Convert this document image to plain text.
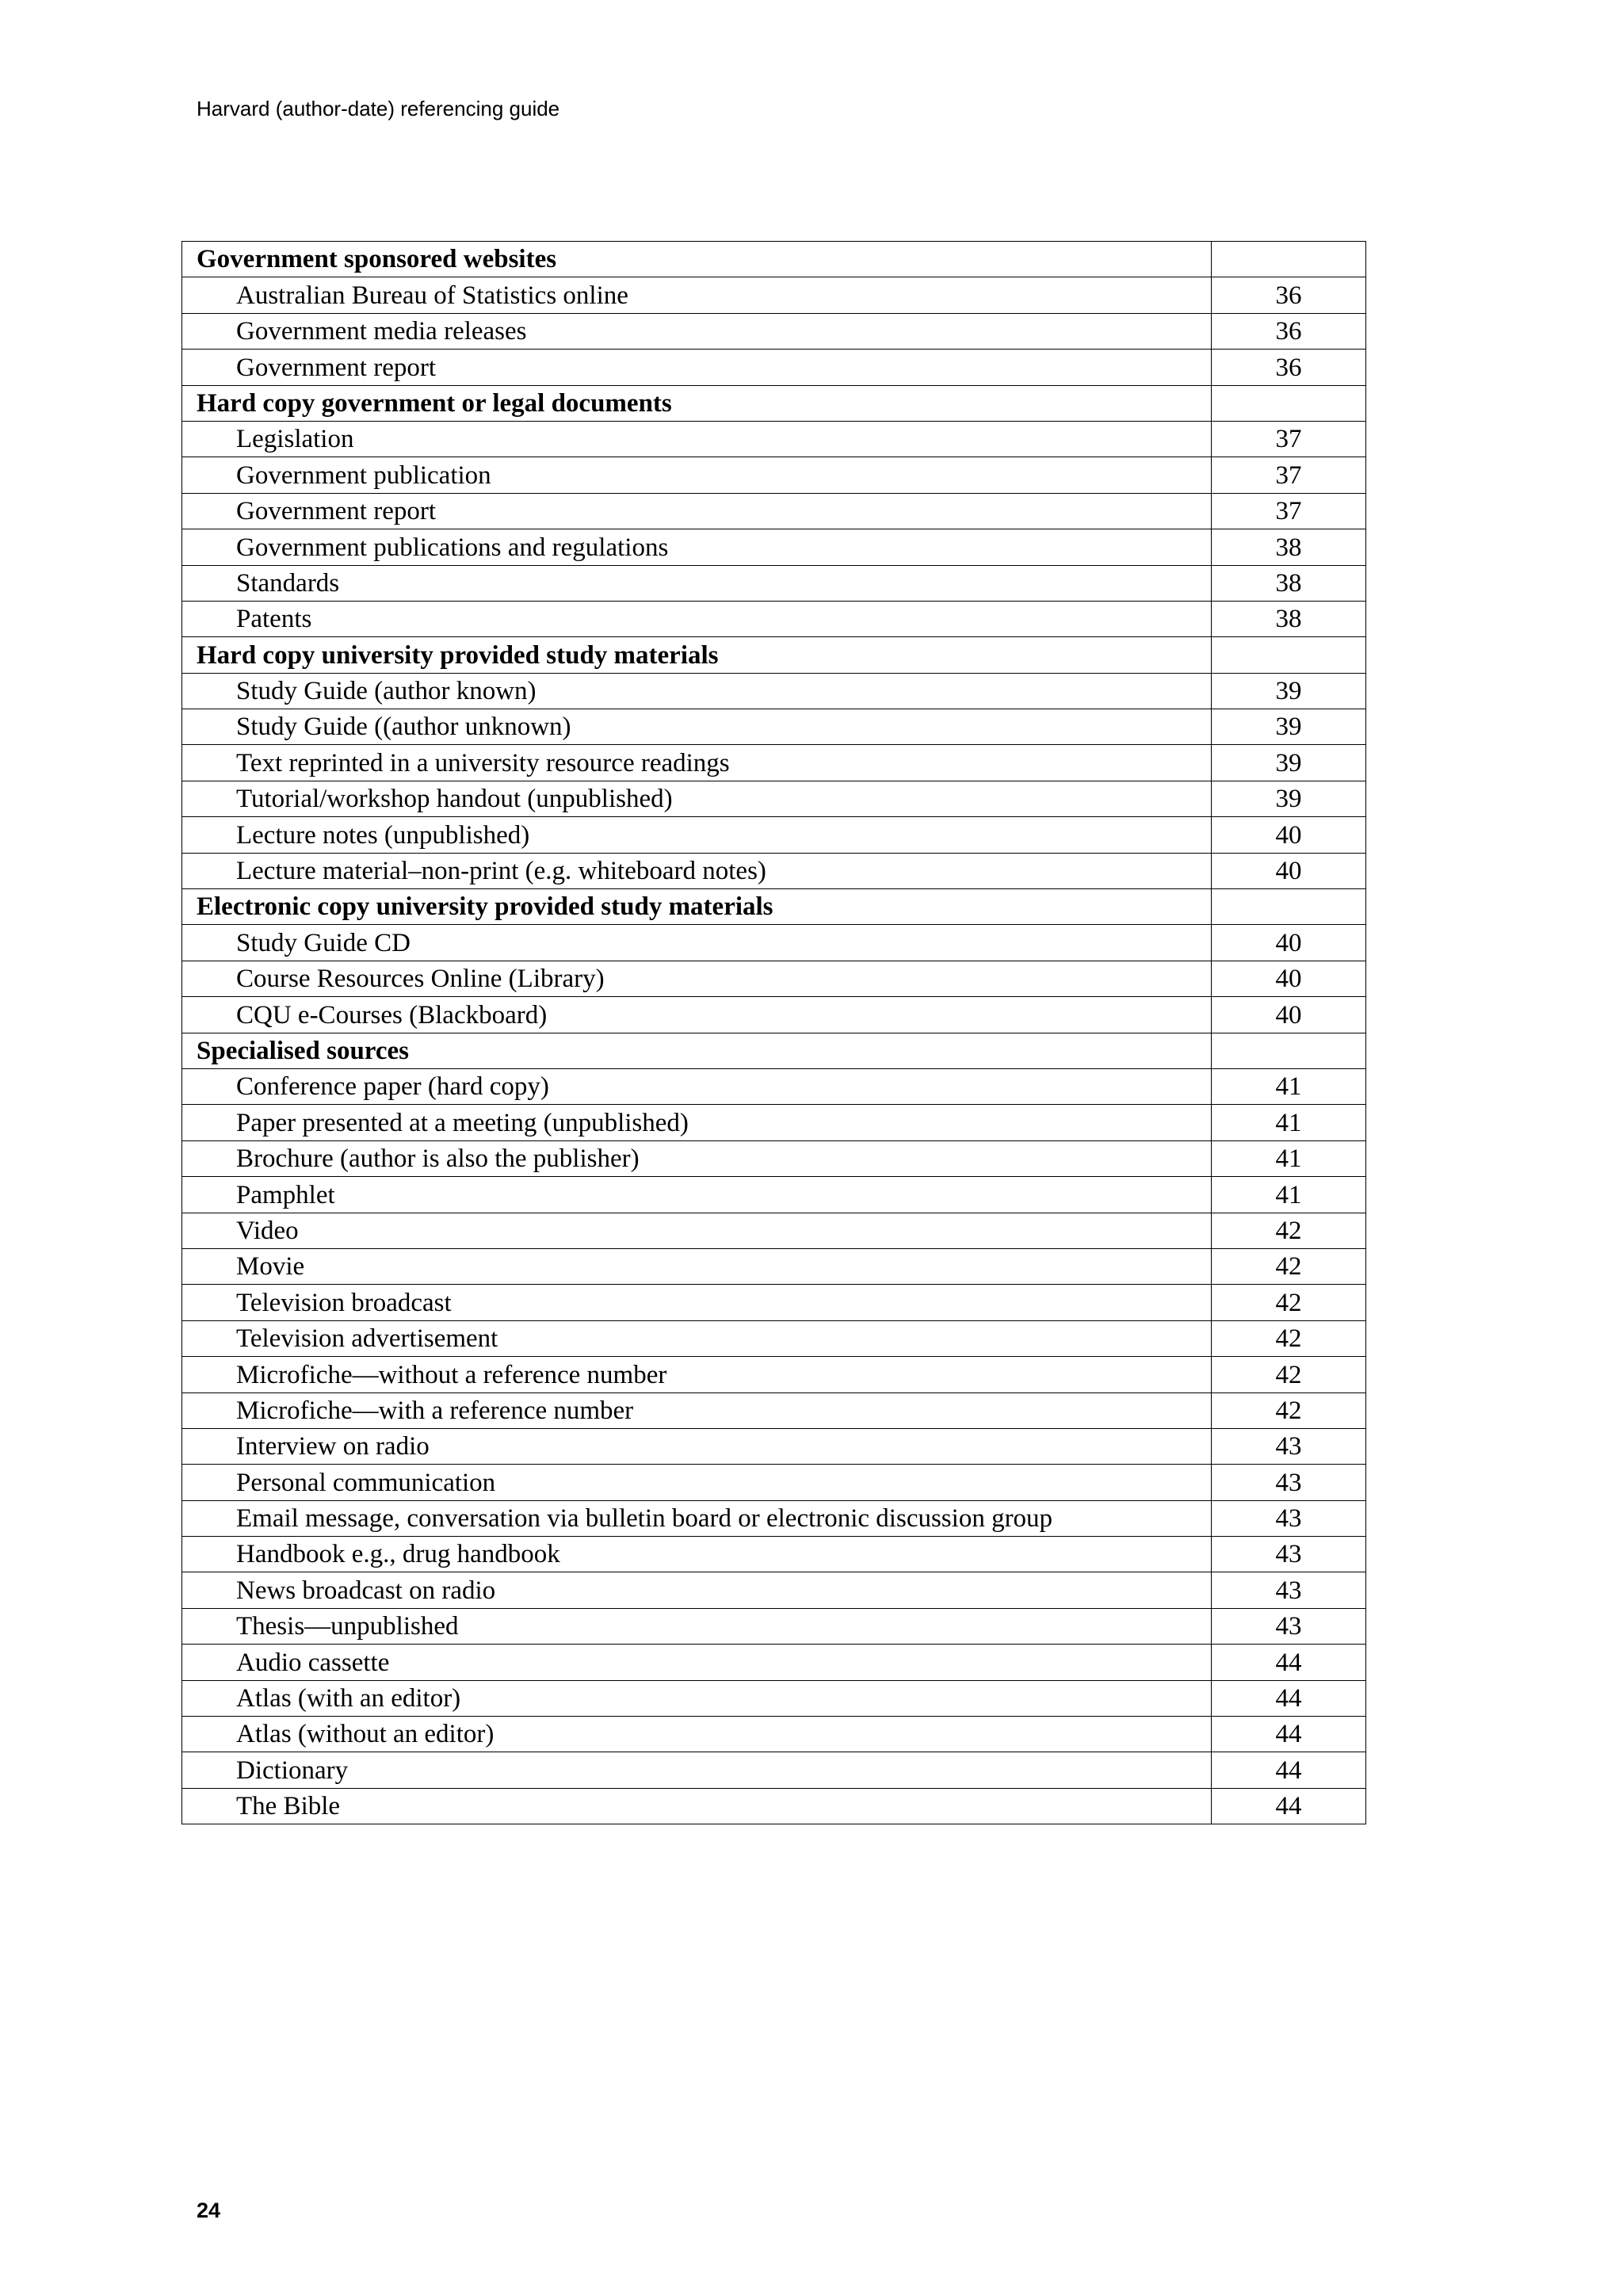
Harvard (author-date) referencing guide
Government sponsored websites	
Australian Bureau of Statistics online	36
Government media releases	36
Government report	36
Hard copy government or legal documents	
Legislation	37
Government publication	37
Government report	37
Government publications and regulations	38
Standards	38
Patents	38
Hard copy university provided study materials	
Study Guide (author known)	39
Study Guide ((author unknown)	39
Text reprinted in a university resource readings	39
Tutorial/workshop handout (unpublished)	39
Lecture notes (unpublished)	40
Lecture material–non-print (e.g. whiteboard notes)	40
Electronic copy university provided study materials	
Study Guide CD	40
Course Resources Online (Library)	40
CQU e-Courses (Blackboard)	40
Specialised sources	
Conference paper (hard copy)	41
Paper presented at a meeting (unpublished)	41
Brochure (author is also the publisher)	41
Pamphlet	41
Video	42
Movie	42
Television broadcast	42
Television advertisement	42
Microfiche—without a reference number	42
Microfiche—with a reference number	42
Interview on radio	43
Personal communication	43
Email message, conversation via bulletin board or electronic discussion group	43
Handbook e.g., drug handbook	43
News broadcast on radio	43
Thesis—unpublished	43
Audio cassette	44
Atlas (with an editor)	44
Atlas (without an editor)	44
Dictionary	44
The Bible	44
24
